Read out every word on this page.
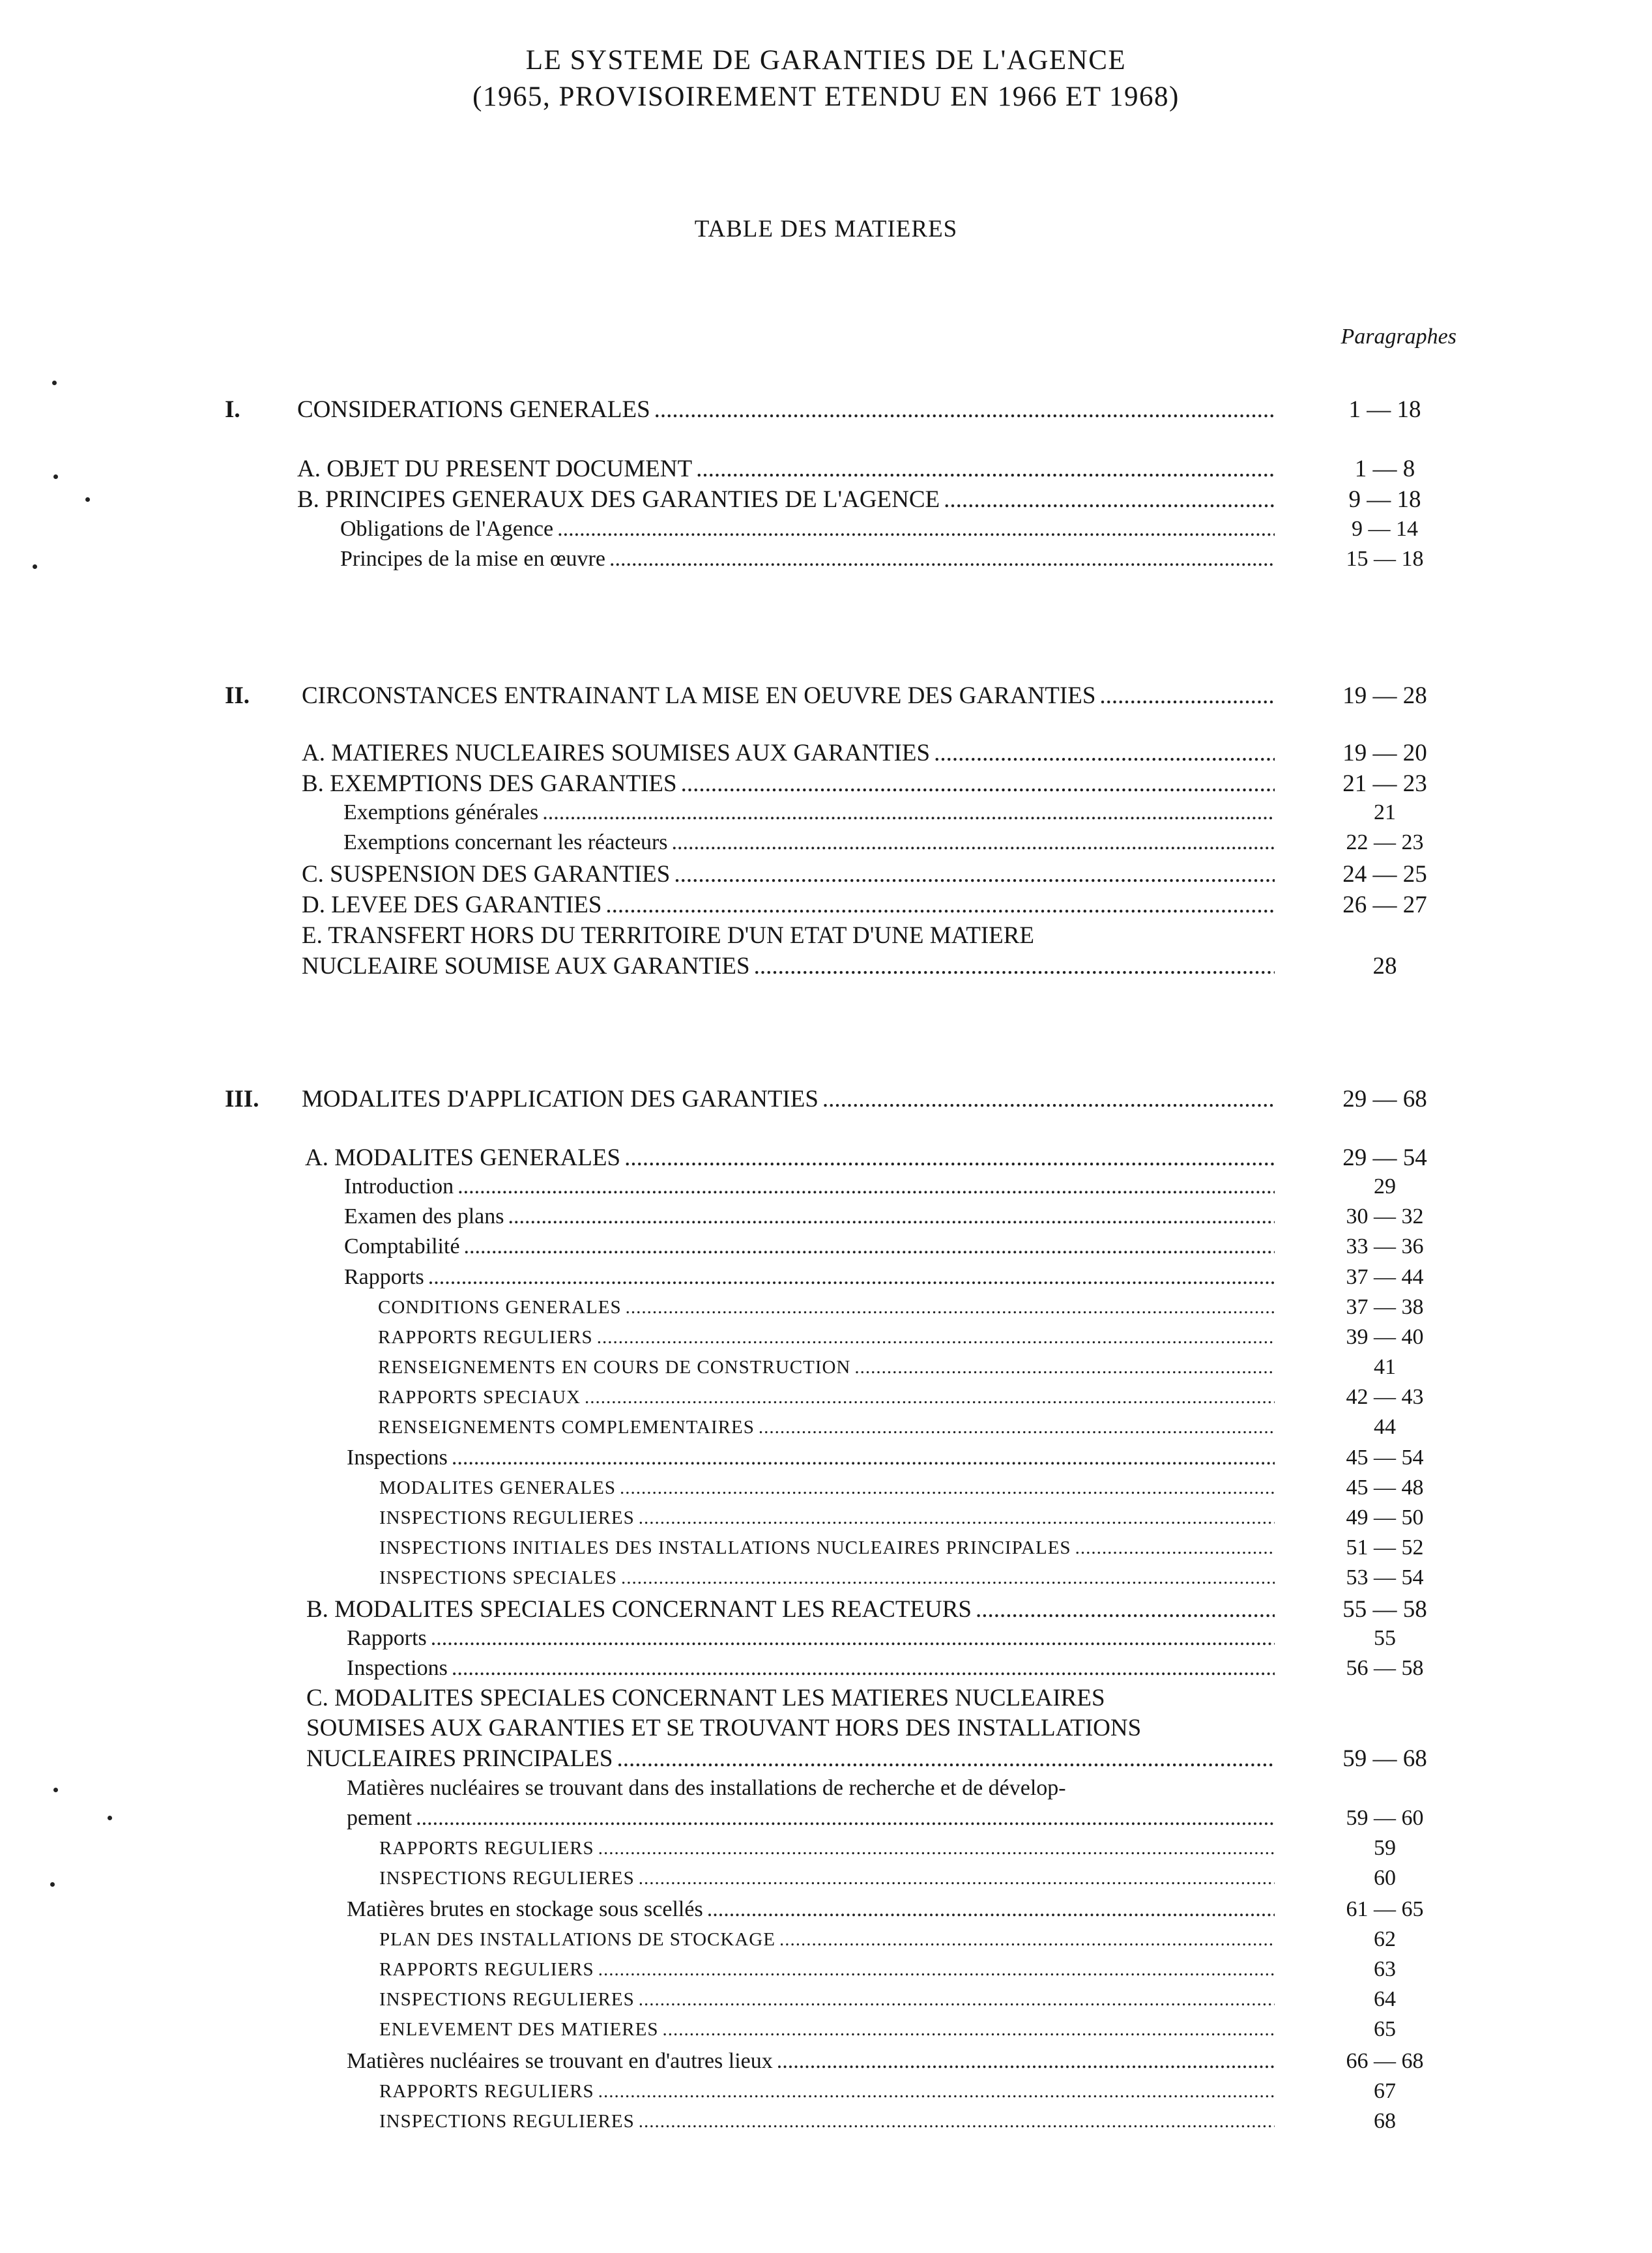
LE SYSTEME DE GARANTIES DE L'AGENCE
(1965, PROVISOIREMENT ETENDU EN 1966 ET 1968)
TABLE DES MATIERES
Paragraphes
I. CONSIDERATIONS GENERALES .....	1 — 18
A. OBJET DU PRESENT DOCUMENT .....	1 — 8
B. PRINCIPES GENERAUX DES GARANTIES DE L'AGENCE .....	9 — 18
Obligations de l'Agence .....	9 — 14
Principes de la mise en œuvre .....	15 — 18
II. CIRCONSTANCES ENTRAINANT LA MISE EN OEUVRE DES GARANTIES .....	19 — 28
A. MATIERES NUCLEAIRES SOUMISES AUX GARANTIES .....	19 — 20
B. EXEMPTIONS DES GARANTIES .....	21 — 23
Exemptions générales .....	21
Exemptions concernant les réacteurs .....	22 — 23
C. SUSPENSION DES GARANTIES .....	24 — 25
D. LEVEE DES GARANTIES .....	26 — 27
E. TRANSFERT HORS DU TERRITOIRE D'UN ETAT D'UNE MATIERE
NUCLEAIRE SOUMISE AUX GARANTIES .....	28
III. MODALITES D'APPLICATION DES GARANTIES .....	29 — 68
A. MODALITES GENERALES .....	29 — 54
Introduction .....	29
Examen des plans .....	30 — 32
Comptabilité .....	33 — 36
Rapports .....	37 — 44
CONDITIONS GENERALES .....	37 — 38
RAPPORTS REGULIERS .....	39 — 40
RENSEIGNEMENTS EN COURS DE CONSTRUCTION .....	41
RAPPORTS SPECIAUX .....	42 — 43
RENSEIGNEMENTS COMPLEMENTAIRES .....	44
Inspections .....	45 — 54
MODALITES GENERALES .....	45 — 48
INSPECTIONS REGULIERES .....	49 — 50
INSPECTIONS INITIALES DES INSTALLATIONS NUCLEAIRES PRINCIPALES .....	51 — 52
INSPECTIONS SPECIALES .....	53 — 54
B. MODALITES SPECIALES CONCERNANT LES REACTEURS .....	55 — 58
Rapports .....	55
Inspections .....	56 — 58
C. MODALITES SPECIALES CONCERNANT LES MATIERES NUCLEAIRES
SOUMISES AUX GARANTIES ET SE TROUVANT HORS DES INSTALLATIONS
NUCLEAIRES PRINCIPALES .....	59 — 68
Matières nucléaires se trouvant dans des installations de recherche et de dévelop-
pement .....	59 — 60
RAPPORTS REGULIERS .....	59
INSPECTIONS REGULIERES .....	60
Matières brutes en stockage sous scellés .....	61 — 65
PLAN DES INSTALLATIONS DE STOCKAGE .....	62
RAPPORTS REGULIERS .....	63
INSPECTIONS REGULIERES .....	64
ENLEVEMENT DES MATIERES .....	65
Matières nucléaires se trouvant en d'autres lieux .....	66 — 68
RAPPORTS REGULIERS .....	67
INSPECTIONS REGULIERES .....	68
